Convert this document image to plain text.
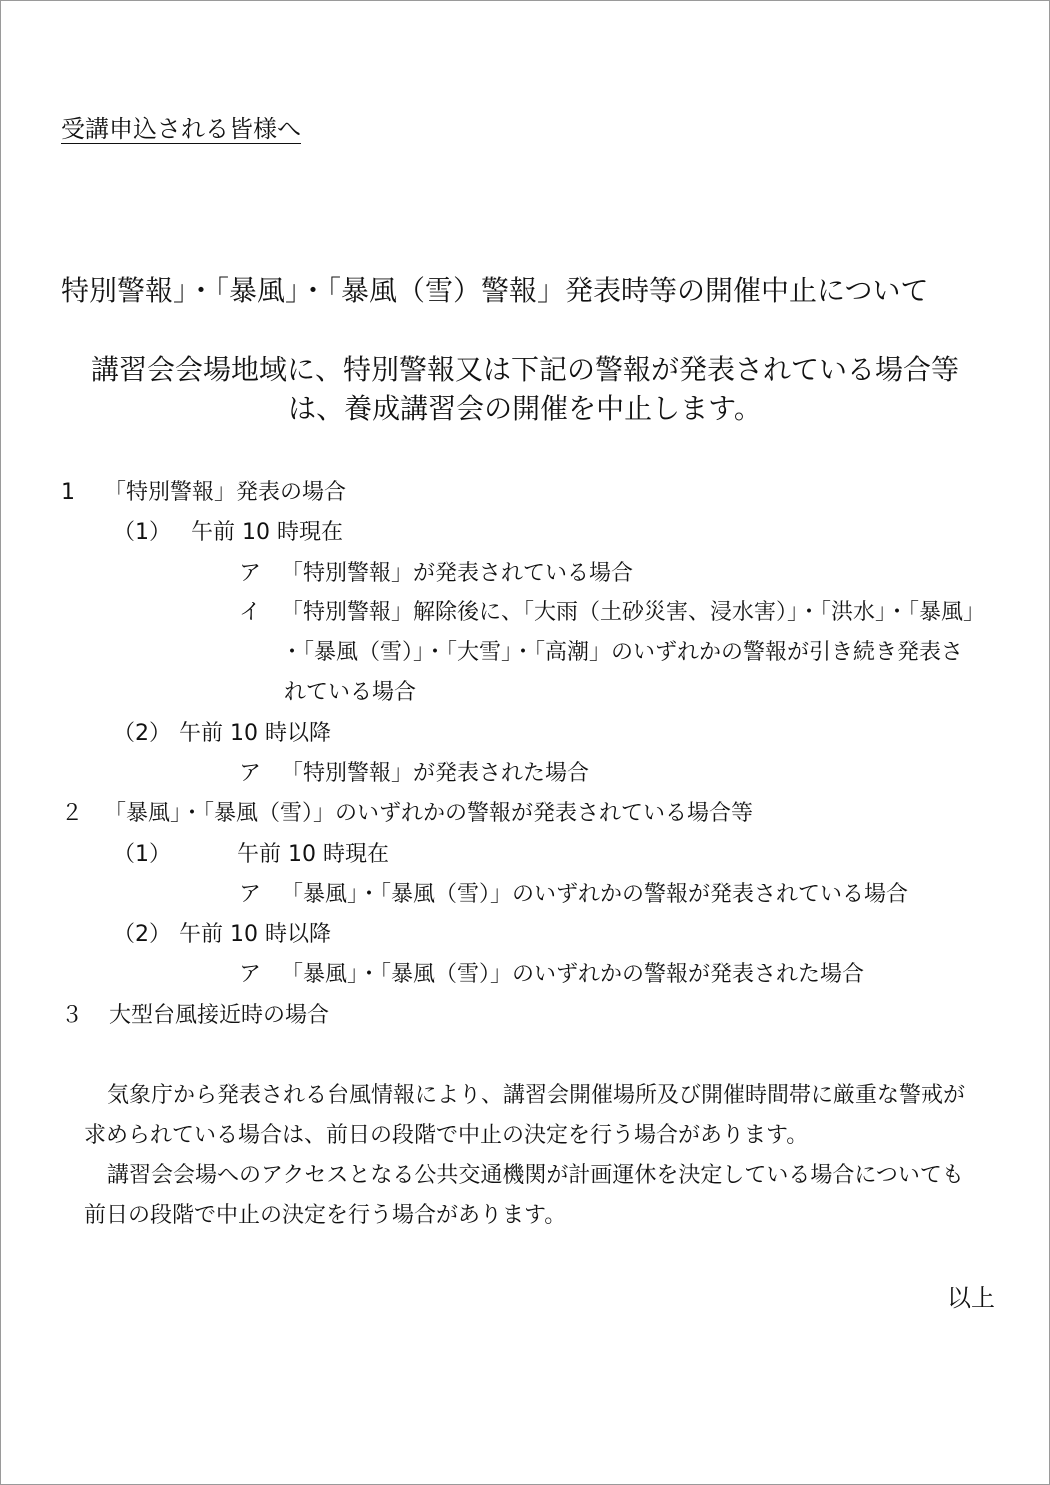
受講申込される皆様へ
特別警報」・「暴風」・「暴風（雪）警報」発表時等の開催中止について
講習会会場地域に、特別警報又は下記の警報が発表されている場合等
は、養成講習会の開催を中止します。
1 「特別警報」発表の場合
（1） 午前 10 時現在
ア 「特別警報」が発表されている場合
イ 「特別警報」解除後に、「大雨（土砂災害、浸水害）」・「洪水」・「暴風」
・「暴風（雪）」・「大雪」・「高潮」のいずれかの警報が引き続き発表さ
れている場合
（2） 午前 10 時以降
ア 「特別警報」が発表された場合
２ 「暴風」・「暴風（雪）」のいずれかの警報が発表されている場合等
（1）	午前 10 時現在
ア 「暴風」・「暴風（雪）」のいずれかの警報が発表されている場合
（2） 午前 10 時以降
ア 「暴風」・「暴風（雪）」のいずれかの警報が発表された場合
３ 大型台風接近時の場合
気象庁から発表される台風情報により、講習会開催場所及び開催時間帯に厳重な警戒が
求められている場合は、前日の段階で中止の決定を行う場合があります。
講習会会場へのアクセスとなる公共交通機関が計画運休を決定している場合についても
前日の段階で中止の決定を行う場合があります。
以上
